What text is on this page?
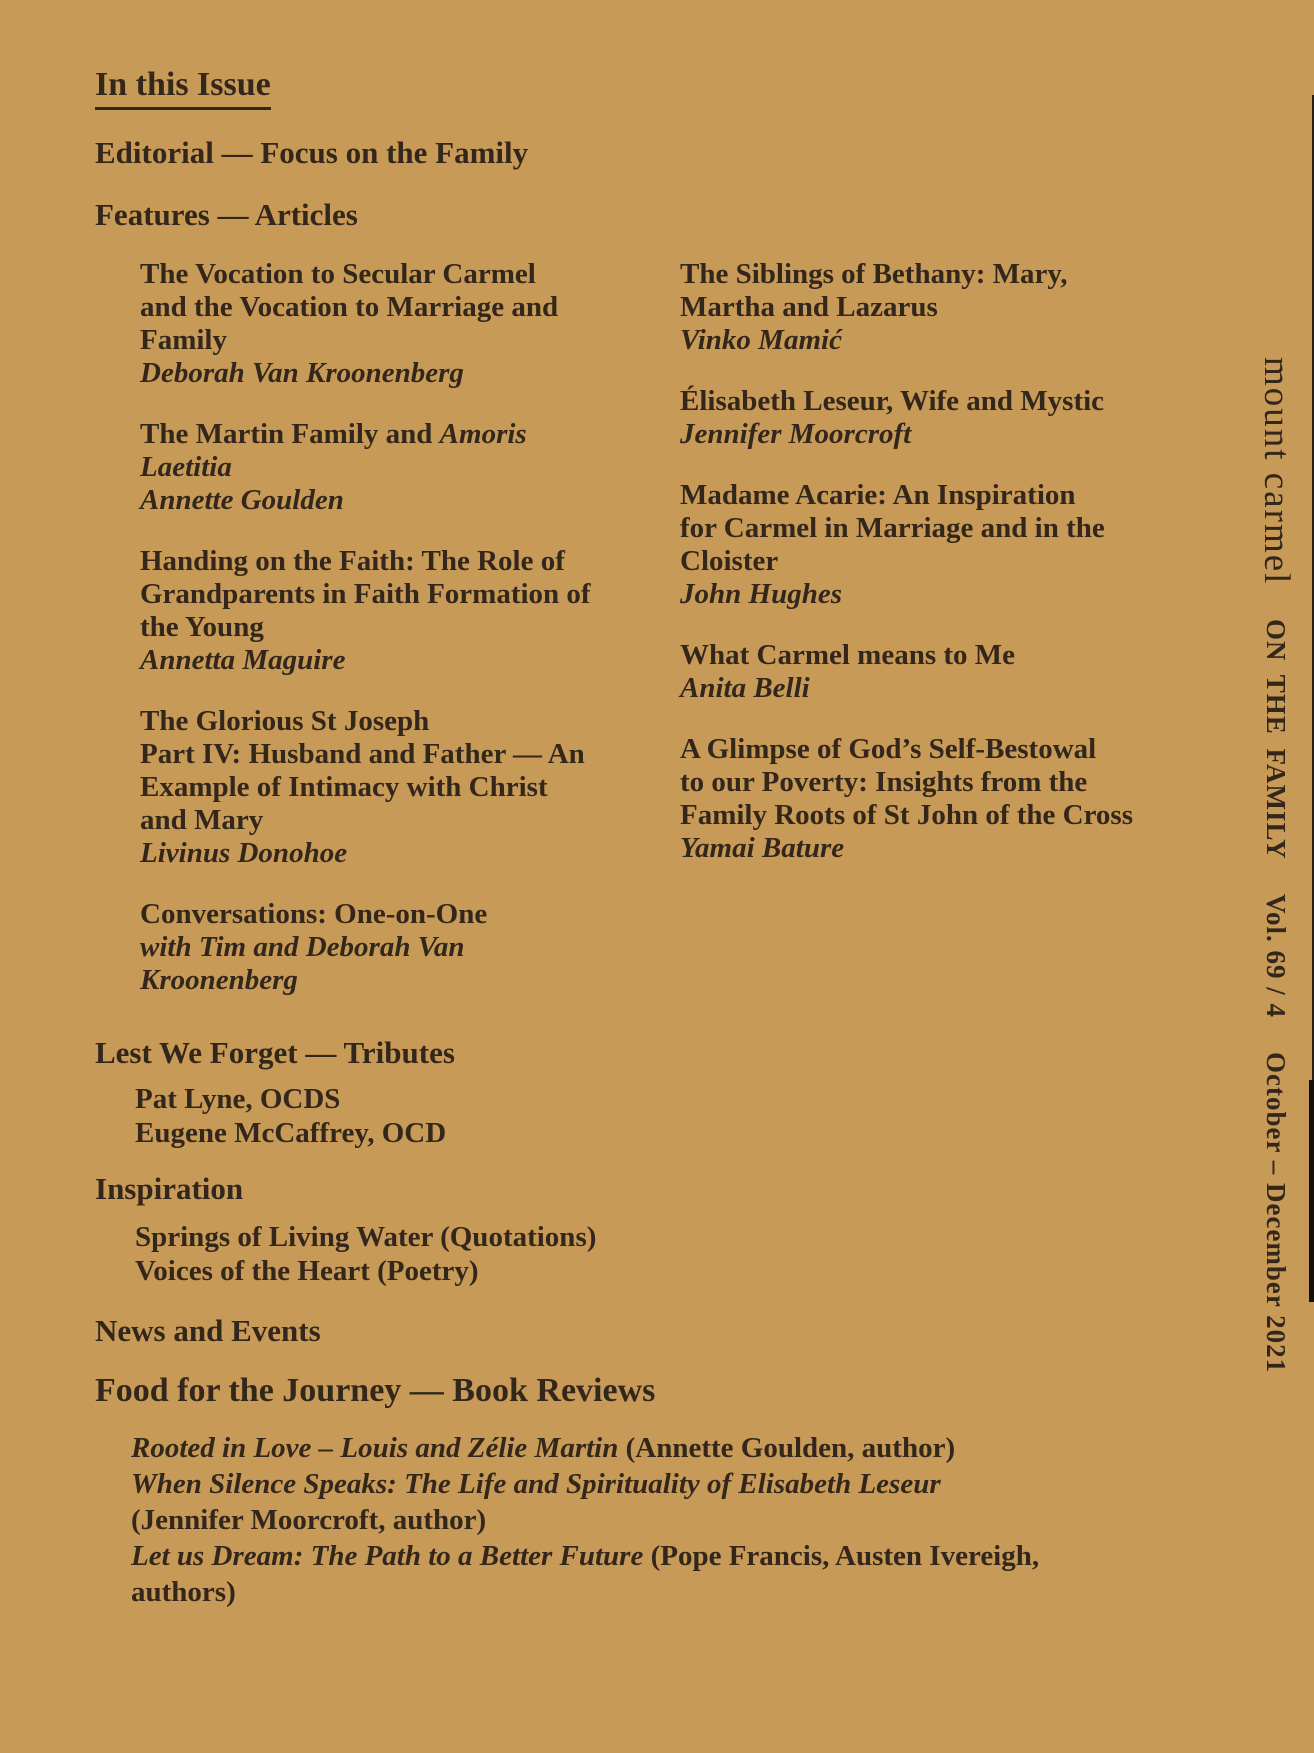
In this Issue
Editorial — Focus on the Family
Features — Articles
The Vocation to Secular Carmel
and the Vocation to Marriage and
Family
Deborah Van Kroonenberg
The Martin Family and Amoris
Laetitia
Annette Goulden
Handing on the Faith: The Role of
Grandparents in Faith Formation of
the Young
Annetta Maguire
The Glorious St Joseph
Part IV: Husband and Father — An
Example of Intimacy with Christ
and Mary
Livinus Donohoe
Conversations: One-on-One
with Tim and Deborah Van
Kroonenberg
The Siblings of Bethany: Mary,
Martha and Lazarus
Vinko Mamić
Élisabeth Leseur, Wife and Mystic
Jennifer Moorcroft
Madame Acarie: An Inspiration
for Carmel in Marriage and in the
Cloister
John Hughes
What Carmel means to Me
Anita Belli
A Glimpse of God’s Self-Bestowal
to our Poverty: Insights from the
Family Roots of St John of the Cross
Yamai Bature
Lest We Forget — Tributes
Pat Lyne, OCDS
Eugene McCaffrey, OCD
Inspiration
Springs of Living Water (Quotations)
Voices of the Heart (Poetry)
News and Events
Food for the Journey — Book Reviews
Rooted in Love – Louis and Zélie Martin (Annette Goulden, author)
When Silence Speaks: The Life and Spirituality of Elisabeth Leseur
(Jennifer Moorcroft, author)
Let us Dream: The Path to a Better Future (Pope Francis, Austen Ivereigh,
authors)
mount carmel ON THE FAMILY Vol. 69 / 4 October – December 2021
